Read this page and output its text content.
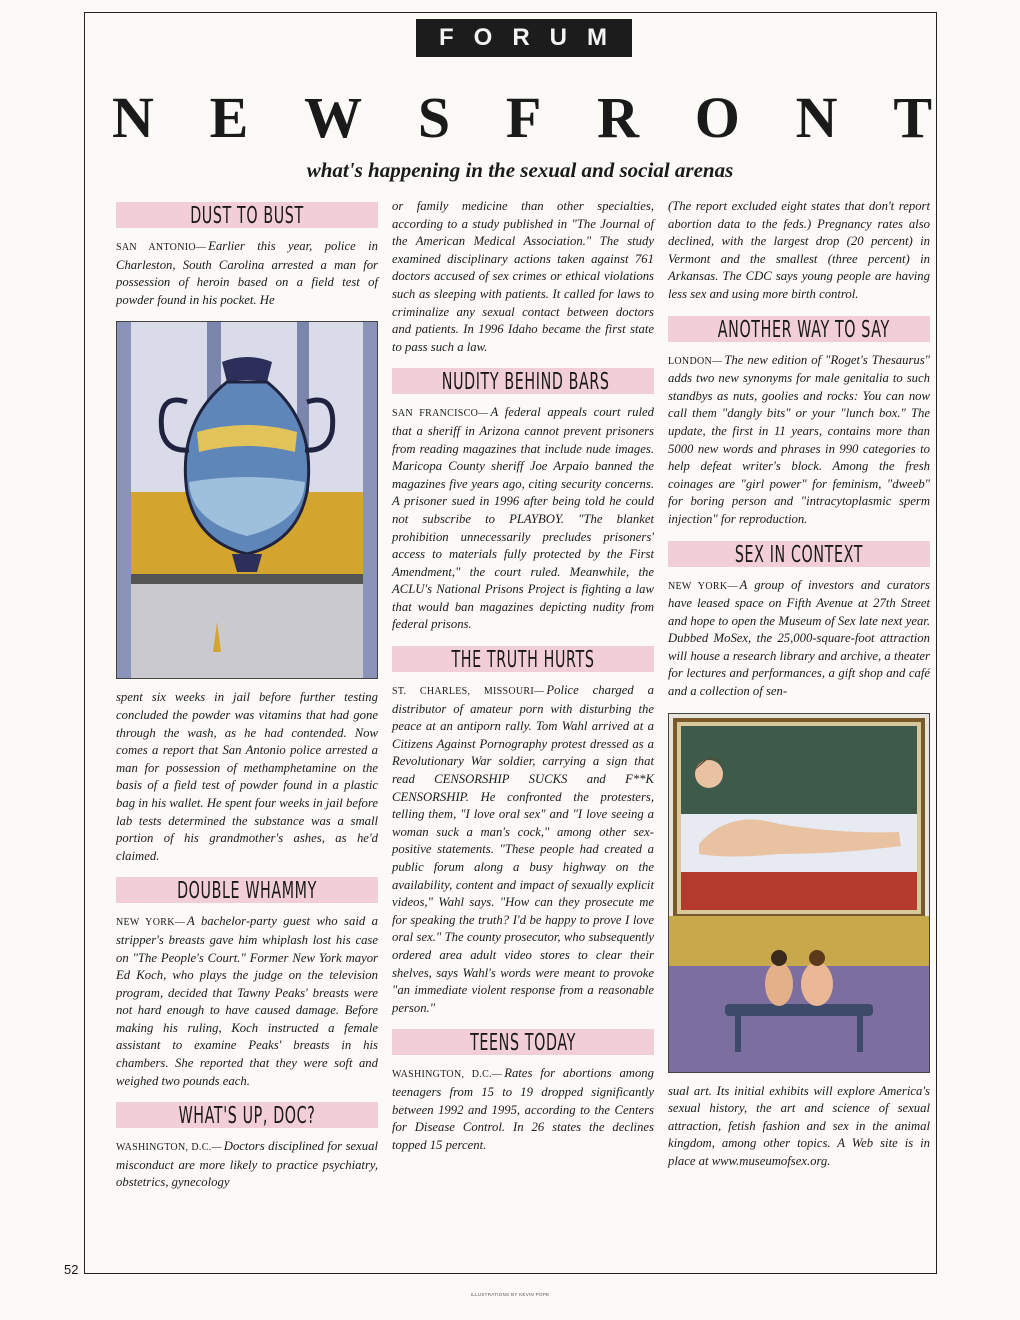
FORUM
N E W S F R O N T
what's happening in the sexual and social arenas
DUST TO BUST

SAN ANTONIO— Earlier this year, police in Charleston, South Carolina arrested a man for possession of heroin based on a field test of powder found in his pocket. He

spent six weeks in jail before further testing concluded the powder was vitamins that had gone through the wash, as he had contended. Now comes a report that San Antonio police arrested a man for possession of methamphetamine on the basis of a field test of powder found in a plastic bag in his wallet. He spent four weeks in jail before lab tests determined the substance was a small portion of his grandmother's ashes, as he'd claimed.

DOUBLE WHAMMY

NEW YORK— A bachelor-party guest who said a stripper's breasts gave him whiplash lost his case on "The People's Court." Former New York mayor Ed Koch, who plays the judge on the television program, decided that Tawny Peaks' breasts were not hard enough to have caused damage. Before making his ruling, Koch instructed a female assistant to examine Peaks' breasts in his chambers. She reported that they were soft and weighed two pounds each.

WHAT'S UP, DOC?

WASHINGTON, D.C.— Doctors disciplined for sexual misconduct are more likely to practice psychiatry, obstetrics, gynecology

or family medicine than other specialties, according to a study published in "The Journal of the American Medical Association." The study examined disciplinary actions taken against 761 doctors accused of sex crimes or ethical violations such as sleeping with patients. It called for laws to criminalize any sexual contact between doctors and patients. In 1996 Idaho became the first state to pass such a law.

NUDITY BEHIND BARS

SAN FRANCISCO— A federal appeals court ruled that a sheriff in Arizona cannot prevent prisoners from reading magazines that include nude images. Maricopa County sheriff Joe Arpaio banned the magazines five years ago, citing security concerns. A prisoner sued in 1996 after being told he could not subscribe to PLAYBOY. "The blanket prohibition unnecessarily precludes prisoners' access to materials fully protected by the First Amendment," the court ruled. Meanwhile, the ACLU's National Prisons Project is fighting a law that would ban magazines depicting nudity from federal prisons.

THE TRUTH HURTS

ST. CHARLES, MISSOURI— Police charged a distributor of amateur porn with disturbing the peace at an antiporn rally. Tom Wahl arrived at a Citizens Against Pornography protest dressed as a Revolutionary War soldier, carrying a sign that read CENSORSHIP SUCKS and F**K CENSORSHIP. He confronted the protesters, telling them, "I love oral sex" and "I love seeing a woman suck a man's cock," among other sex-positive statements. "These people had created a public forum along a busy highway on the availability, content and impact of sexually explicit videos," Wahl says. "How can they prosecute me for speaking the truth? I'd be happy to prove I love oral sex." The county prosecutor, who subsequently ordered area adult video stores to clear their shelves, says Wahl's words were meant to provoke "an immediate violent response from a reasonable person."

TEENS TODAY

WASHINGTON, D.C.— Rates for abortions among teenagers from 15 to 19 dropped significantly between 1992 and 1995, according to the Centers for Disease Control. In 26 states the declines topped 15 percent.

(The report excluded eight states that don't report abortion data to the feds.) Pregnancy rates also declined, with the largest drop (20 percent) in Vermont and the smallest (three percent) in Arkansas. The CDC says young people are having less sex and using more birth control.

ANOTHER WAY TO SAY

LONDON— The new edition of "Roget's Thesaurus" adds two new synonyms for male genitalia to such standbys as nuts, goolies and rocks: You can now call them "dangly bits" or your "lunch box." The update, the first in 11 years, contains more than 5000 new words and phrases in 990 categories to help defeat writer's block. Among the fresh coinages are "girl power" for feminism, "dweeb" for boring person and "intracytoplasmic sperm injection" for reproduction.

SEX IN CONTEXT

NEW YORK— A group of investors and curators have leased space on Fifth Avenue at 27th Street and hope to open the Museum of Sex late next year. Dubbed MoSex, the 25,000-square-foot attraction will house a research library and archive, a theater for lectures and performances, a gift shop and café and a collection of sen-

sual art. Its initial exhibits will explore America's sexual history, the art and science of sexual attraction, fetish fashion and sex in the animal kingdom, among other topics. A Web site is in place at www.museumofsex.org.

52
ILLUSTRATIONS BY KEVIN POPE
